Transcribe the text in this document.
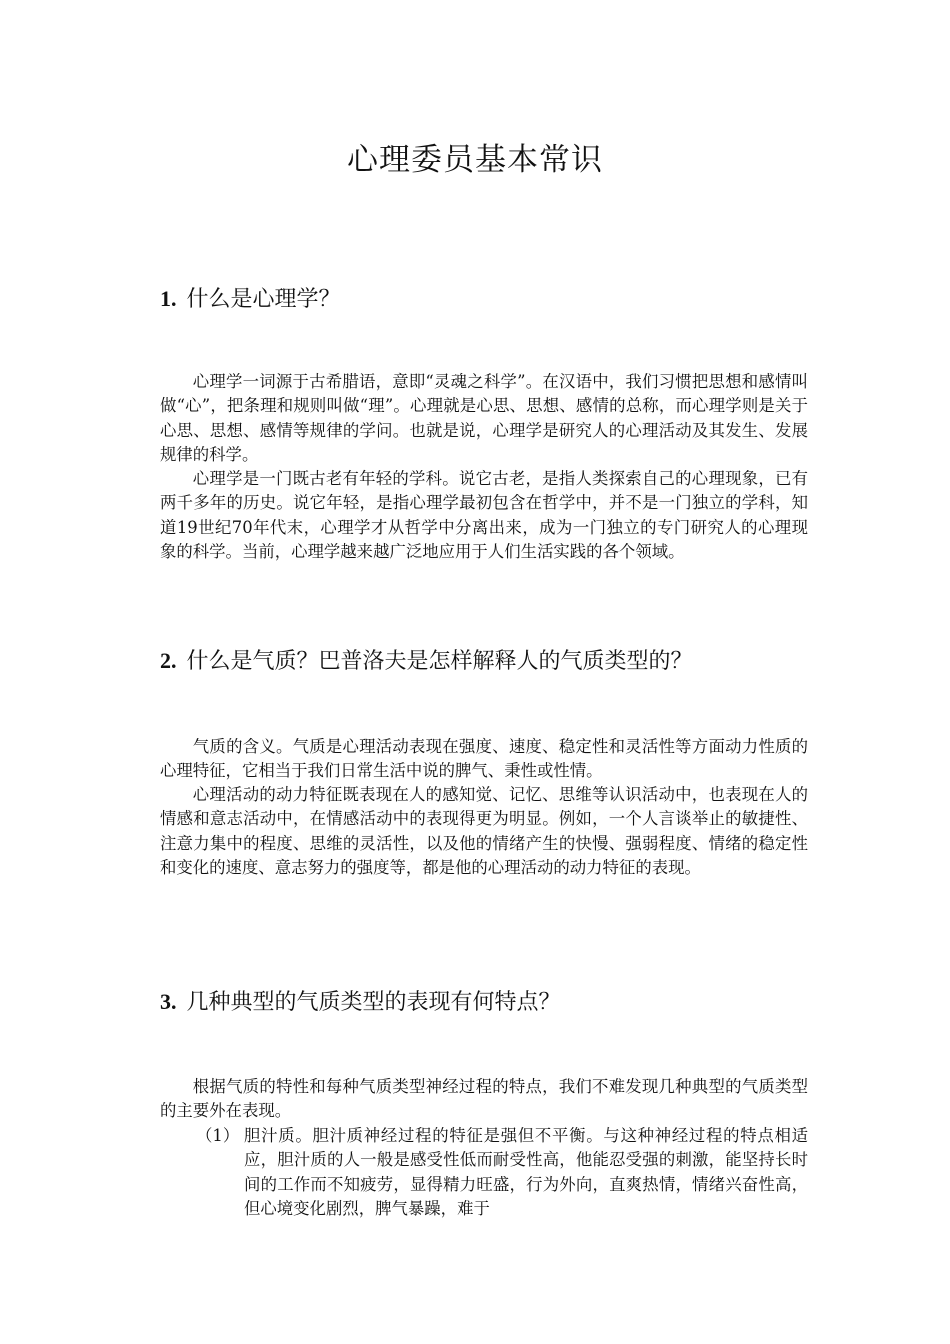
心理委员基本常识
1. 什么是心理学？

心理学一词源于古希腊语，意即“灵魂之科学”。在汉语中，我们习惯把思想和感情叫做“心”，把条理和规则叫做“理”。心理就是心思、思想、感情的总称，而心理学则是关于心思、思想、感情等规律的学问。也就是说，心理学是研究人的心理活动及其发生、发展规律的科学。

心理学是一门既古老有年轻的学科。说它古老，是指人类探索自己的心理现象，已有两千多年的历史。说它年轻，是指心理学最初包含在哲学中，并不是一门独立的学科，知道19世纪70年代末，心理学才从哲学中分离出来，成为一门独立的专门研究人的心理现象的科学。当前，心理学越来越广泛地应用于人们生活实践的各个领域。

2. 什么是气质？巴普洛夫是怎样解释人的气质类型的？

气质的含义。气质是心理活动表现在强度、速度、稳定性和灵活性等方面动力性质的心理特征，它相当于我们日常生活中说的脾气、秉性或性情。

心理活动的动力特征既表现在人的感知觉、记忆、思维等认识活动中，也表现在人的情感和意志活动中，在情感活动中的表现得更为明显。例如，一个人言谈举止的敏捷性、注意力集中的程度、思维的灵活性，以及他的情绪产生的快慢、强弱程度、情绪的稳定性和变化的速度、意志努力的强度等，都是他的心理活动的动力特征的表现。

3. 几种典型的气质类型的表现有何特点？

根据气质的特性和每种气质类型神经过程的特点，我们不难发现几种典型的气质类型的主要外在表现。

（1） 胆汁质。胆汁质神经过程的特征是强但不平衡。与这种神经过程的特点相适应，胆汁质的人一般是感受性低而耐受性高，他能忍受强的刺激，能坚持长时间的工作而不知疲劳，显得精力旺盛，行为外向，直爽热情，情绪兴奋性高，但心境变化剧烈，脾气暴躁，难于
